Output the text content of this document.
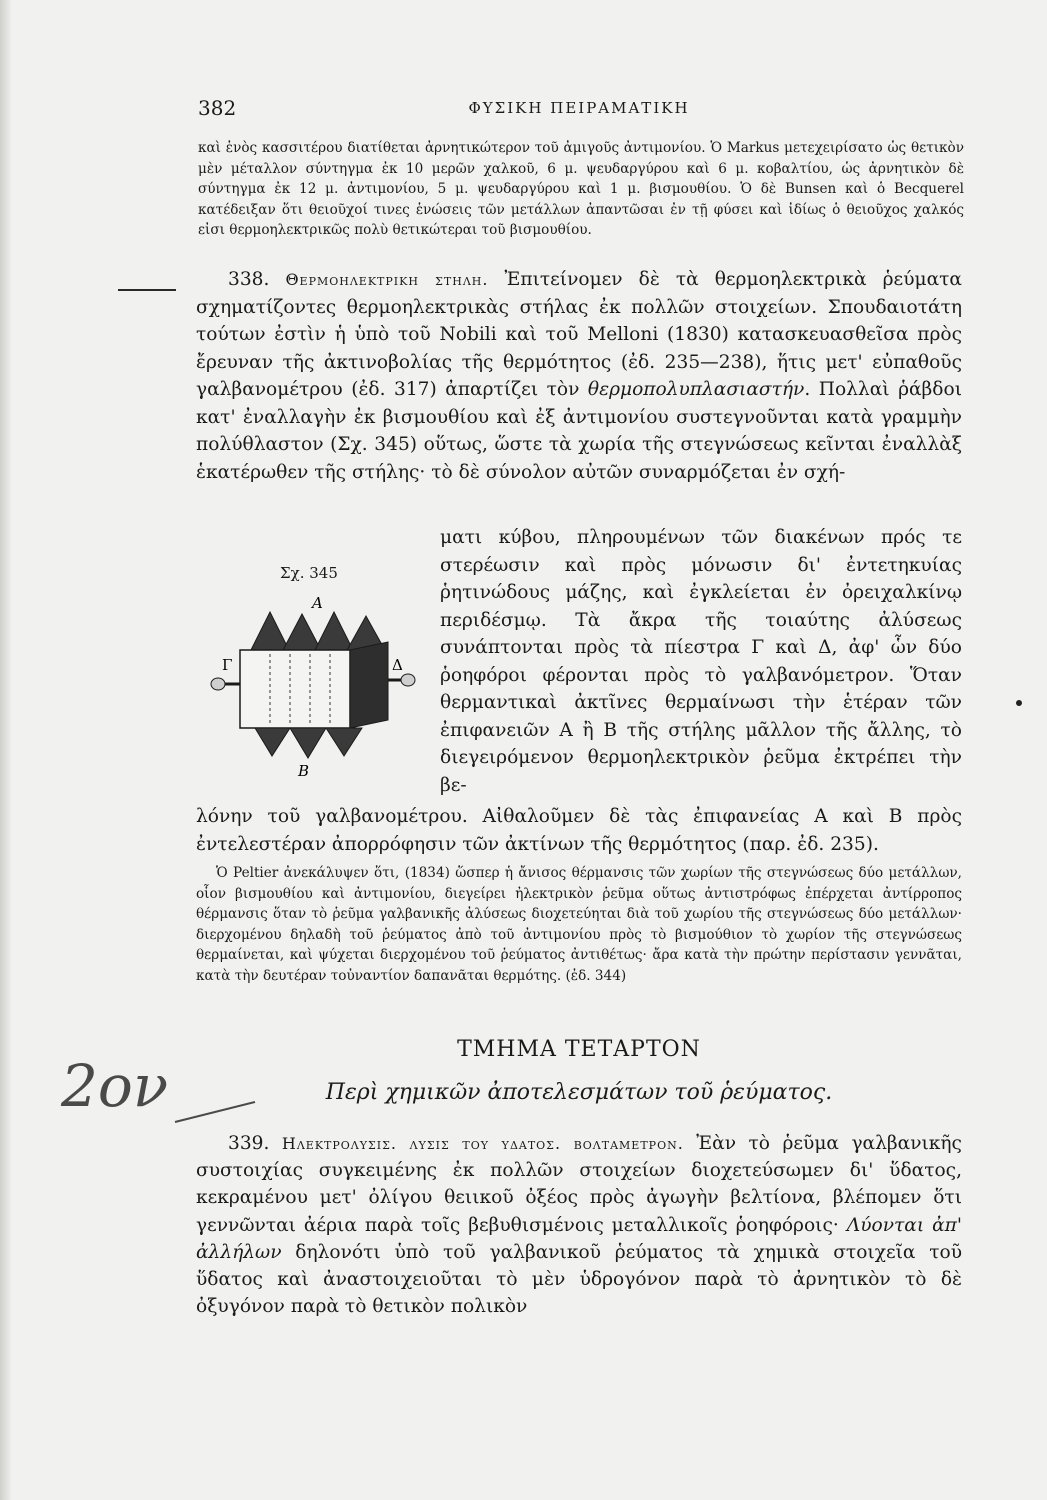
382	ΦΥΣΙΚΗ ΠΕΙΡΑΜΑΤΙΚΗ

καὶ ἑνὸς κασσιτέρου διατίθεται ἀρνητικώτερον τοῦ ἀμιγοῦς ἀντιμονίου. Ὁ Markus μετεχειρίσατο ὡς θετικὸν μὲν μέταλλον σύντηγμα ἐκ 10 μερῶν χαλκοῦ, 6 μ. ψευδαργύρου καὶ 6 μ. κοβαλτίου, ὡς ἀρνητικὸν δὲ σύντηγμα ἐκ 12 μ. ἀντιμονίου, 5 μ. ψευδαργύρου καὶ 1 μ. βισμουθίου. Ὁ δὲ Bunsen καὶ ὁ Becquerel κατέδειξαν ὅτι θειοῦχοί τινες ἑνώσεις τῶν μετάλλων ἀπαντῶσαι ἐν τῇ φύσει καὶ ἰδίως ὁ θειοῦχος χαλκός εἰσι θερμοηλεκτρικῶς πολὺ θετικώτεραι τοῦ βισμουθίου.

338. Θερμοηλεκτρικη στηλη. Ἐπιτείνομεν δὲ τὰ θερμοηλεκτρικὰ ῥεύματα σχηματίζοντες θερμοηλεκτρικὰς στήλας ἐκ πολλῶν στοιχείων. Σπουδαιοτάτη τούτων ἐστὶν ἡ ὑπὸ τοῦ Nobili καὶ τοῦ Melloni (1830) κατασκευασθεῖσα πρὸς ἔρευναν τῆς ἀκτινοβολίας τῆς θερμότητος (ἐδ. 235—238), ἥτις μετ' εὐπαθοῦς γαλβανομέτρου (ἐδ. 317) ἀπαρτίζει τὸν θερμοπολυπλασιαστήν. Πολλαὶ ῥάβδοι κατ' ἐναλλαγὴν ἐκ βισμουθίου καὶ ἐξ ἀντιμονίου συστεγνοῦνται κατὰ γραμμὴν πολύθλαστον (Σχ. 345) οὕτως, ὥστε τὰ χωρία τῆς στεγνώσεως κεῖνται ἐναλλὰξ ἑκατέρωθεν τῆς στήλης· τὸ δὲ σύνολον αὐτῶν συναρμόζεται ἐν σχή-

Σχ. 345
Α
Β
Γ	Δ

ματι κύβου, πληρουμένων τῶν διακένων πρός τε στερέωσιν καὶ πρὸς μόνωσιν δι' ἐντετηκυίας ῥητινώδους μάζης, καὶ ἐγκλείεται ἐν ὀρειχαλκίνῳ περιδέσμῳ. Τὰ ἄκρα τῆς τοιαύτης ἀλύσεως συνάπτονται πρὸς τὰ πίεστρα Γ καὶ Δ, ἀφ' ὧν δύο ῥοηφόροι φέρονται πρὸς τὸ γαλβανόμετρον. Ὅταν θερμαντικαὶ ἀκτῖνες θερμαίνωσι τὴν ἑτέραν τῶν ἐπιφανειῶν Α ἢ Β τῆς στήλης μᾶλλον τῆς ἄλλης, τὸ διεγειρόμενον θερμοηλεκτρικὸν ῥεῦμα ἐκτρέπει τὴν βε-

λόνην τοῦ γαλβανομέτρου. Αἰθαλοῦμεν δὲ τὰς ἐπιφανείας Α καὶ Β πρὸς ἐντελεστέραν ἀπορρόφησιν τῶν ἀκτίνων τῆς θερμότητος (παρ. ἐδ. 235).

Ὁ Peltier ἀνεκάλυψεν ὅτι, (1834) ὥσπερ ἡ ἄνισος θέρμανσις τῶν χωρίων τῆς στεγνώσεως δύο μετάλλων, οἷον βισμουθίου καὶ ἀντιμονίου, διεγείρει ἠλεκτρικὸν ῥεῦμα οὕτως ἀντιστρόφως ἐπέρχεται ἀντίρροπος θέρμανσις ὅταν τὸ ῥεῦμα γαλβανικῆς ἀλύσεως διοχετεύηται διὰ τοῦ χωρίου τῆς στεγνώσεως δύο μετάλλων· διερχομένου δηλαδὴ τοῦ ῥεύματος ἀπὸ τοῦ ἀντιμονίου πρὸς τὸ βισμούθιον τὸ χωρίον τῆς στεγνώσεως θερμαίνεται, καὶ ψύχεται διερχομένου τοῦ ῥεύματος ἀντιθέτως· ἄρα κατὰ τὴν πρώτην περίστασιν γεννᾶται, κατὰ τὴν δευτέραν τοὐναντίον δαπανᾶται θερμότης. (ἐδ. 344)

2ον
ΤΜΗΜΑ ΤΕΤΑΡΤΟΝ
Περὶ χημικῶν ἀποτελεσμάτων τοῦ ῥεύματος.

339. Ηλεκτρολυσις. λυσις του υδατος. βολταμετρον. Ἐὰν τὸ ῥεῦμα γαλβανικῆς συστοιχίας συγκειμένης ἐκ πολλῶν στοιχείων διοχετεύσωμεν δι' ὕδατος, κεκραμένου μετ' ὀλίγου θειικοῦ ὀξέος πρὸς ἀγωγὴν βελτίονα, βλέπομεν ὅτι γεννῶνται ἀέρια παρὰ τοῖς βεβυθισμένοις μεταλλικοῖς ῥοηφόροις· Λύονται ἀπ' ἀλλήλων δηλονότι ὑπὸ τοῦ γαλβανικοῦ ῥεύματος τὰ χημικὰ στοιχεῖα τοῦ ὕδατος καὶ ἀναστοιχειοῦται τὸ μὲν ὑδρογόνον παρὰ τὸ ἀρνητικὸν τὸ δὲ ὀξυγόνον παρὰ τὸ θετικὸν πολικὸν
